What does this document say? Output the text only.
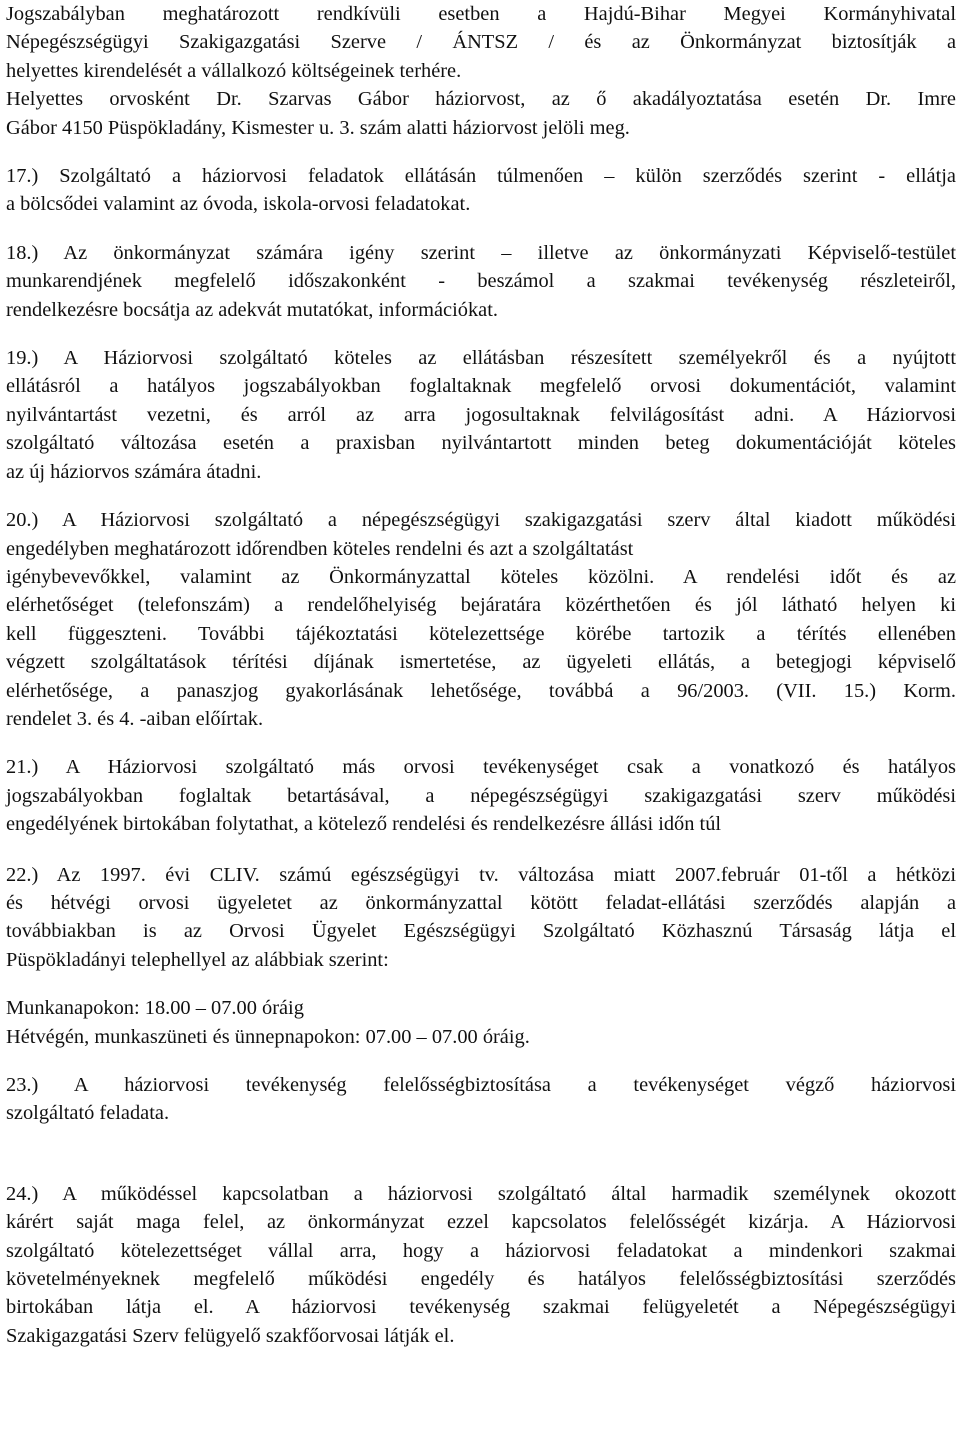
Jogszabályban meghatározott rendkívüli esetben a Hajdú-Bihar Megyei Kormányhivatal
Népegészségügyi Szakigazgatási Szerve / ÁNTSZ / és az Önkormányzat biztosítják a
helyettes kirendelését a vállalkozó költségeinek terhére.
Helyettes orvosként Dr. Szarvas Gábor háziorvost, az ő akadályoztatása esetén Dr. Imre
Gábor 4150 Püspökladány, Kismester u. 3. szám alatti háziorvost jelöli meg.

17.) Szolgáltató a háziorvosi feladatok ellátásán túlmenően – külön szerződés szerint - ellátja
a bölcsődei valamint az óvoda, iskola-orvosi feladatokat.

18.) Az önkormányzat számára igény szerint – illetve az önkormányzati Képviselő-testület
munkarendjének megfelelő időszakonként - beszámol a szakmai tevékenység részleteiről,
rendelkezésre bocsátja az adekvát mutatókat, információkat.

19.) A Háziorvosi szolgáltató köteles az ellátásban részesített személyekről és a nyújtott
ellátásról a hatályos jogszabályokban foglaltaknak megfelelő orvosi dokumentációt, valamint
nyilvántartást vezetni, és arról az arra jogosultaknak felvilágosítást adni. A Háziorvosi
szolgáltató változása esetén a praxisban nyilvántartott minden beteg dokumentációját köteles
az új háziorvos számára átadni.

20.) A Háziorvosi szolgáltató a népegészségügyi szakigazgatási szerv által kiadott működési
engedélyben meghatározott időrendben köteles rendelni és azt a szolgáltatást
igénybevevőkkel, valamint az Önkormányzattal köteles közölni. A rendelési időt és az
elérhetőséget (telefonszám) a rendelőhelyiség bejáratára közérthetően és jól látható helyen ki
kell függeszteni. További tájékoztatási kötelezettsége körébe tartozik a térítés ellenében
végzett szolgáltatások térítési díjának ismertetése, az ügyeleti ellátás, a betegjogi képviselő
elérhetősége, a panaszjog gyakorlásának lehetősége, továbbá a 96/2003. (VII. 15.) Korm.
rendelet 3. és 4. -aiban előírtak.

21.) A Háziorvosi szolgáltató más orvosi tevékenységet csak a vonatkozó és hatályos
jogszabályokban foglaltak betartásával, a népegészségügyi szakigazgatási szerv működési
engedélyének birtokában folytathat, a kötelező rendelési és rendelkezésre állási időn túl

22.) Az 1997. évi CLIV. számú egészségügyi tv. változása miatt 2007.február 01-től a hétközi
és hétvégi orvosi ügyeletet az önkormányzattal kötött feladat-ellátási szerződés alapján a
továbbiakban is az Orvosi Ügyelet Egészségügyi Szolgáltató Közhasznú Társaság látja el
Püspökladányi telephellyel az alábbiak szerint:

Munkanapokon: 18.00 – 07.00 óráig
Hétvégén, munkaszüneti és ünnepnapokon: 07.00 – 07.00 óráig.

23.) A háziorvosi tevékenység felelősségbiztosítása a tevékenységet végző háziorvosi
szolgáltató feladata.

24.) A működéssel kapcsolatban a háziorvosi szolgáltató által harmadik személynek okozott
kárért saját maga felel, az önkormányzat ezzel kapcsolatos felelősségét kizárja. A Háziorvosi
szolgáltató kötelezettséget vállal arra, hogy a háziorvosi feladatokat a mindenkori szakmai
követelményeknek megfelelő működési engedély és hatályos felelősségbiztosítási szerződés
birtokában látja el. A háziorvosi tevékenység szakmai felügyeletét a Népegészségügyi
Szakigazgatási Szerv felügyelő szakfőorvosai látják el.
